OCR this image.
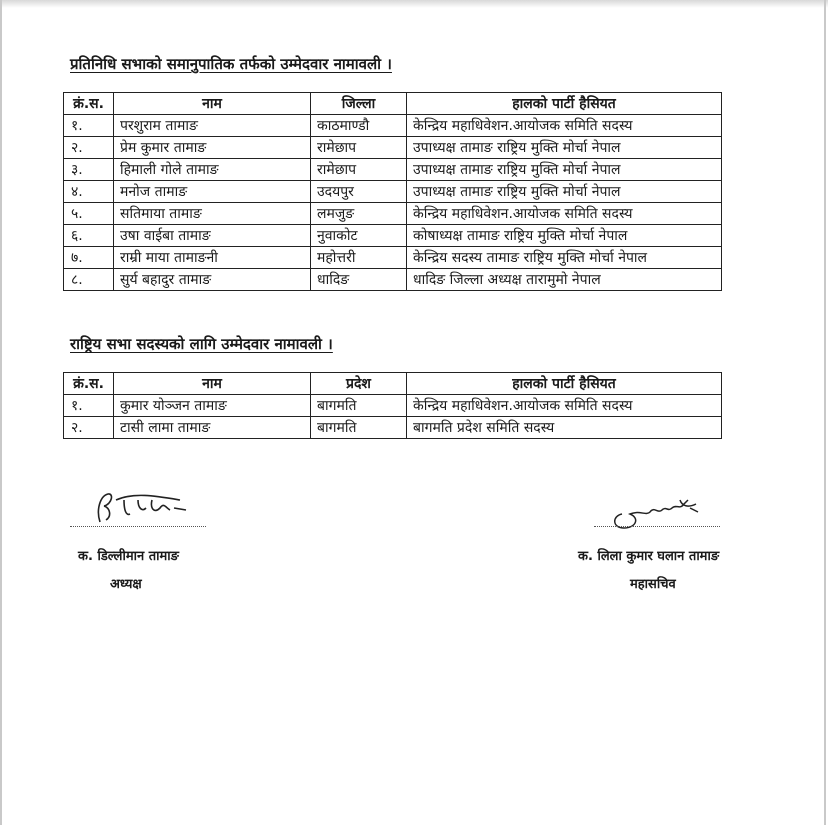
प्रतिनिधि सभाको समानुपातिक तर्फको उम्मेदवार नामावली ।
क्रं.स.	नाम	जिल्ला	हालको पार्टी हैसियत
१.	परशुराम तामाङ	काठमाण्डौ	केन्द्रिय महाधिवेशन.आयोजक समिति सदस्य
२.	प्रेम कुमार तामाङ	रामेछाप	उपाध्यक्ष तामाङ राष्ट्रिय मुक्ति मोर्चा नेपाल
३.	हिमाली गोले तामाङ	रामेछाप	उपाध्यक्ष तामाङ राष्ट्रिय मुक्ति मोर्चा नेपाल
४.	मनोज तामाङ	उदयपुर	उपाध्यक्ष तामाङ राष्ट्रिय मुक्ति मोर्चा नेपाल
५.	सतिमाया तामाङ	लमजुङ	केन्द्रिय महाधिवेशन.आयोजक समिति सदस्य
६.	उषा वाईबा तामाङ	नुवाकोट	कोषाध्यक्ष तामाङ राष्ट्रिय मुक्ति मोर्चा नेपाल
७.	राम्री माया तामाङनी	महोत्तरी	केन्द्रिय सदस्य तामाङ राष्ट्रिय मुक्ति मोर्चा नेपाल
८.	सुर्य बहादुर तामाङ	धादिङ	धादिङ जिल्ला अध्यक्ष तारामुमो नेपाल
राष्ट्रिय सभा सदस्यको लागि उम्मेदवार नामावली ।
क्रं.स.	नाम	प्रदेश	हालको पार्टी हैसियत
१.	कुमार योञ्जन तामाङ	बागमति	केन्द्रिय महाधिवेशन.आयोजक समिति सदस्य
२.	टासी लामा तामाङ	बागमति	बागमति प्रदेश समिति सदस्य
क. डिल्लीमान तामाङ
अध्यक्ष
क. लिला कुमार घलान तामाङ
महासचिव
